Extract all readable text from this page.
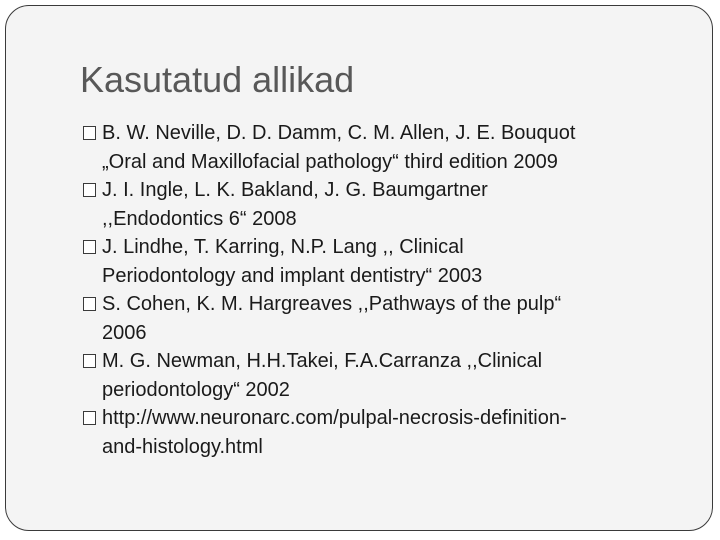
Kasutatud allikad
B. W. Neville, D. D. Damm, C. M. Allen, J. E. Bouquot
„Oral and Maxillofacial pathology“ third edition 2009
J. I. Ingle, L. K. Bakland, J. G. Baumgartner
,,Endodontics 6“ 2008
J. Lindhe, T. Karring, N.P. Lang ,, Clinical
Periodontology and implant dentistry“ 2003
S. Cohen, K. M. Hargreaves ,,Pathways of the pulp“
2006
M. G. Newman, H.H.Takei, F.A.Carranza ,,Clinical
periodontology“ 2002
http://www.neuronarc.com/pulpal-necrosis-definition-
and-histology.html
